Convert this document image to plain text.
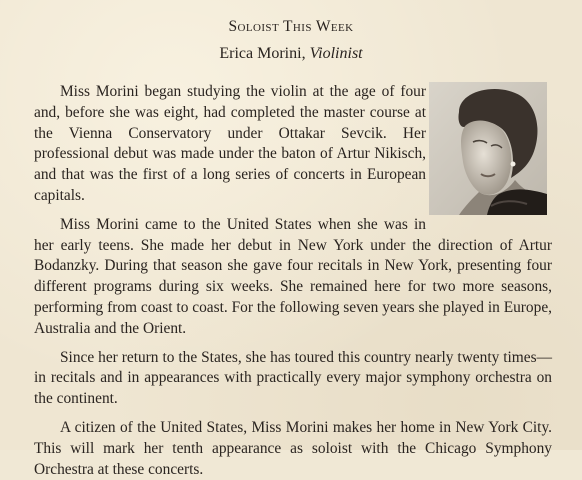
Soloist This Week
Erica Morini, Violinist

Miss Morini began studying the violin at the age of four and, before she was eight, had completed the master course at the Vienna Conservatory under Ottakar Sevcik. Her professional debut was made under the baton of Artur Nikisch, and that was the first of a long series of concerts in European capitals.

Miss Morini came to the United States when she was in her early teens. She made her debut in New York under the direction of Artur Bodanzky. During that season she gave four recitals in New York, presenting four different programs during six weeks. She remained here for two more seasons, performing from coast to coast. For the following seven years she played in Europe, Australia and the Orient.

Since her return to the States, she has toured this country nearly twenty times—in recitals and in appearances with practically every major symphony orchestra on the continent.

A citizen of the United States, Miss Morini makes her home in New York City. This will mark her tenth appearance as soloist with the Chicago Symphony Orchestra at these concerts.
